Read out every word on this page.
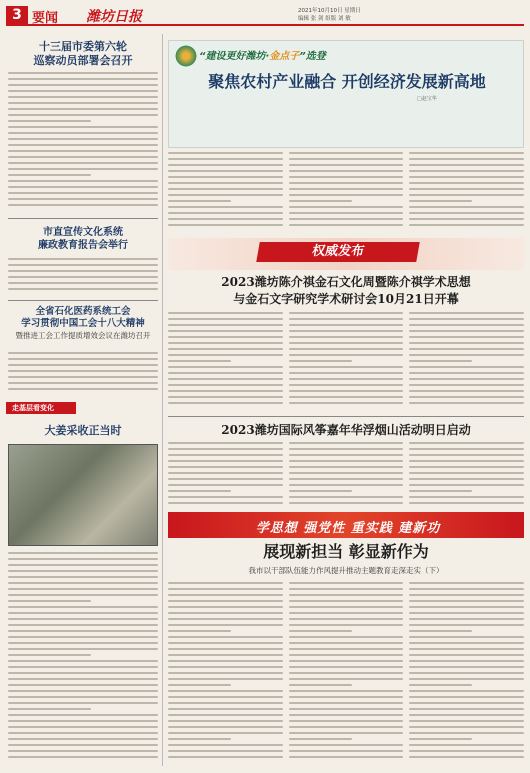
3 要闻 潍坊日报	2021年10月10日 星期日
编辑 张 剑 组版 刘 敏
十三届市委第六轮
巡察动员部署会召开
市直宣传文化系统
廉政教育报告会举行
全省石化医药系统工会
学习贯彻中国工会十八大精神
暨推进工会工作提质增效会议在潍坊召开
走基层看变化
大姜采收正当时
“建设更好潍坊·金点子”选登
聚焦农村产业融合 开创经济发展新高地
□赵宝华
权威发布
2023潍坊陈介祺金石文化周暨陈介祺学术思想
与金石文字研究学术研讨会10月21日开幕
2023潍坊国际风筝嘉年华浮烟山活动明日启动
学思想 强党性 重实践 建新功
展现新担当 彰显新作为
我市以干部队伍能力作风提升推动主题教育走深走实（下）
